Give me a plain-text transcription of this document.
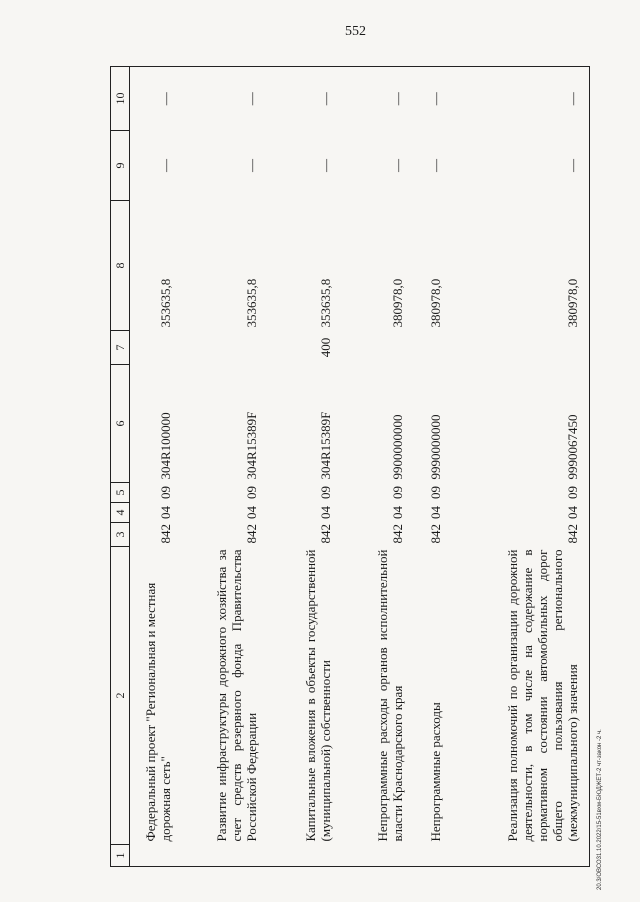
552
20.3/ОВСО31.10.2022/15-51вхм-БЮДЖЕТ-2 чт-закон -2 ч.
1	2	3	4	5	6	7	8	9	10
	Федеральный проект "Региональная и местная дорожная сеть"	842	04	09	304R100000		353635,8	—	—
	Развитие инфраструктуры дорожного хозяйства за счет средств резервного фонда Правительства Российской Федерации	842	04	09	304R15389F		353635,8	—	—
	Капитальные вложения в объекты государственной (муниципальной) собственности	842	04	09	304R15389F	400	353635,8	—	—
	Непрограммные расходы органов исполнительной власти Краснодарского края	842	04	09	9900000000		380978,0	—	—
	Непрограммные расходы	842	04	09	9990000000		380978,0	—	—
	Реализация полномочий по организации дорожной деятельности, в том числе на содержание в нормативном состоянии автомобильных дорог общего пользования регионального (межмуниципального) значения	842	04	09	9990067450		380978,0	—	—
